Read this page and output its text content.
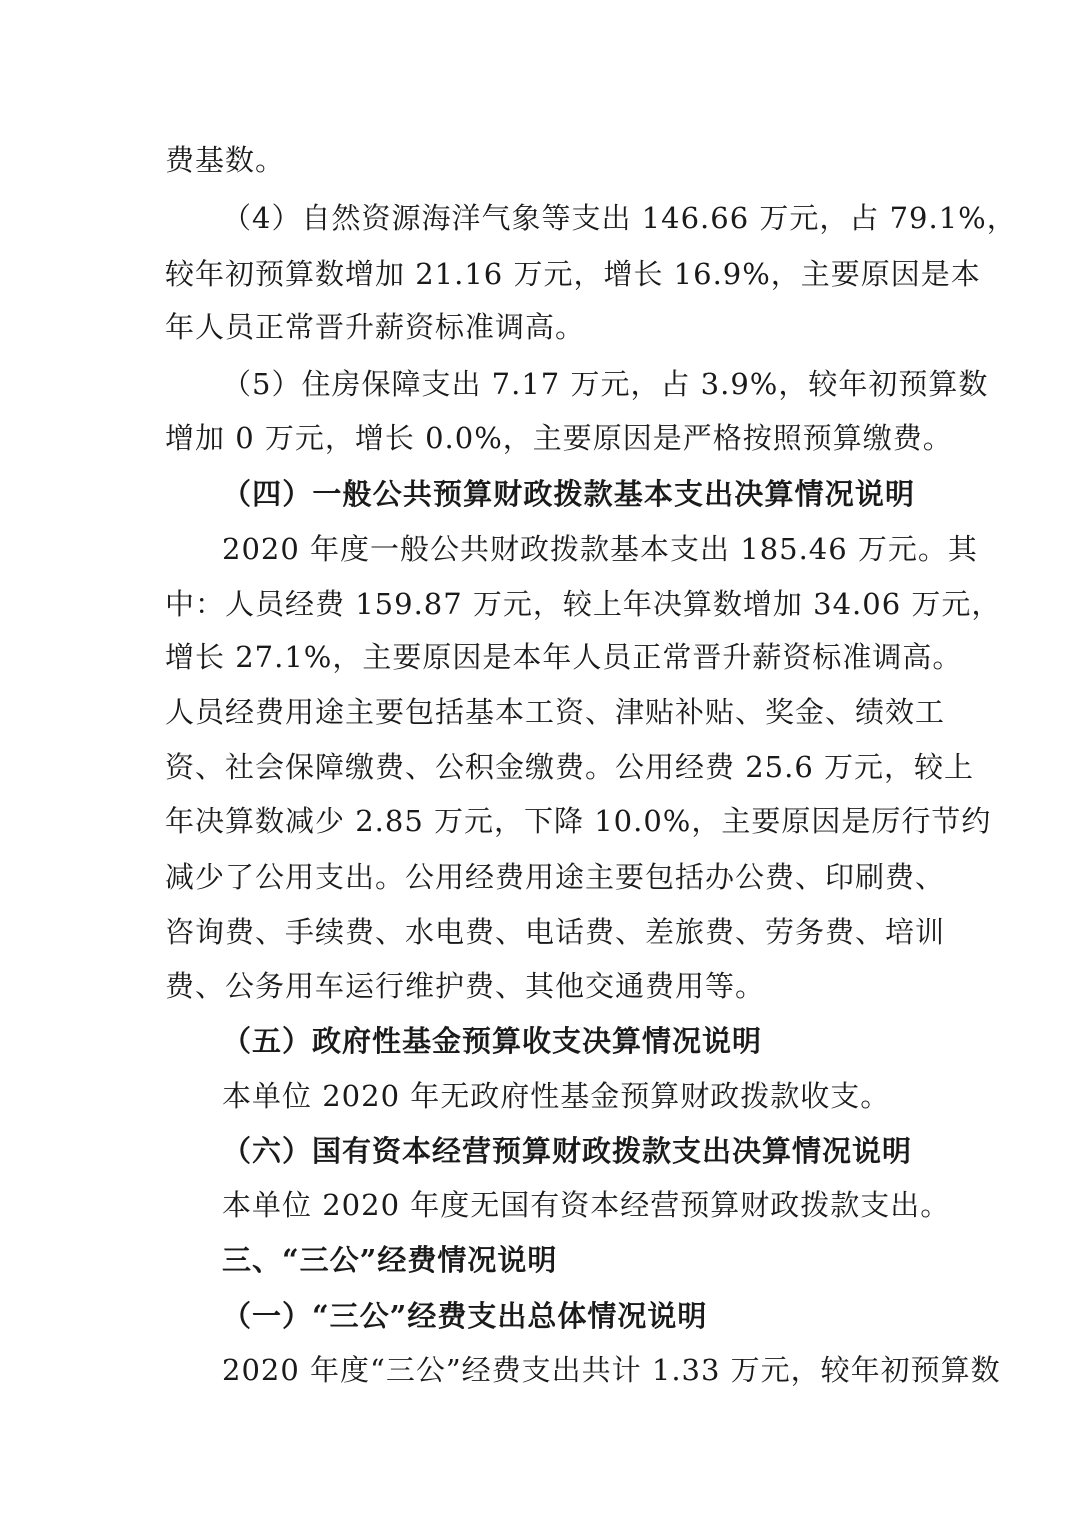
费基数。
（4）自然资源海洋气象等支出 146.66 万元，占 79.1%，
较年初预算数增加 21.16 万元，增长 16.9%，主要原因是本
年人员正常晋升薪资标准调高。
（5）住房保障支出 7.17 万元，占 3.9%，较年初预算数
增加 0 万元，增长 0.0%，主要原因是严格按照预算缴费。
（四）一般公共预算财政拨款基本支出决算情况说明
2020 年度一般公共财政拨款基本支出 185.46 万元。其
中：人员经费 159.87 万元，较上年决算数增加 34.06 万元，
增长 27.1%，主要原因是本年人员正常晋升薪资标准调高。
人员经费用途主要包括基本工资、津贴补贴、奖金、绩效工
资、社会保障缴费、公积金缴费。公用经费 25.6 万元，较上
年决算数减少 2.85 万元，下降 10.0%，主要原因是厉行节约
减少了公用支出。公用经费用途主要包括办公费、印刷费、
咨询费、手续费、水电费、电话费、差旅费、劳务费、培训
费、公务用车运行维护费、其他交通费用等。
（五）政府性基金预算收支决算情况说明
本单位 2020 年无政府性基金预算财政拨款收支。
（六）国有资本经营预算财政拨款支出决算情况说明
本单位 2020 年度无国有资本经营预算财政拨款支出。
三、“三公”经费情况说明
（一）“三公”经费支出总体情况说明
2020 年度“三公”经费支出共计 1.33 万元，较年初预算数
